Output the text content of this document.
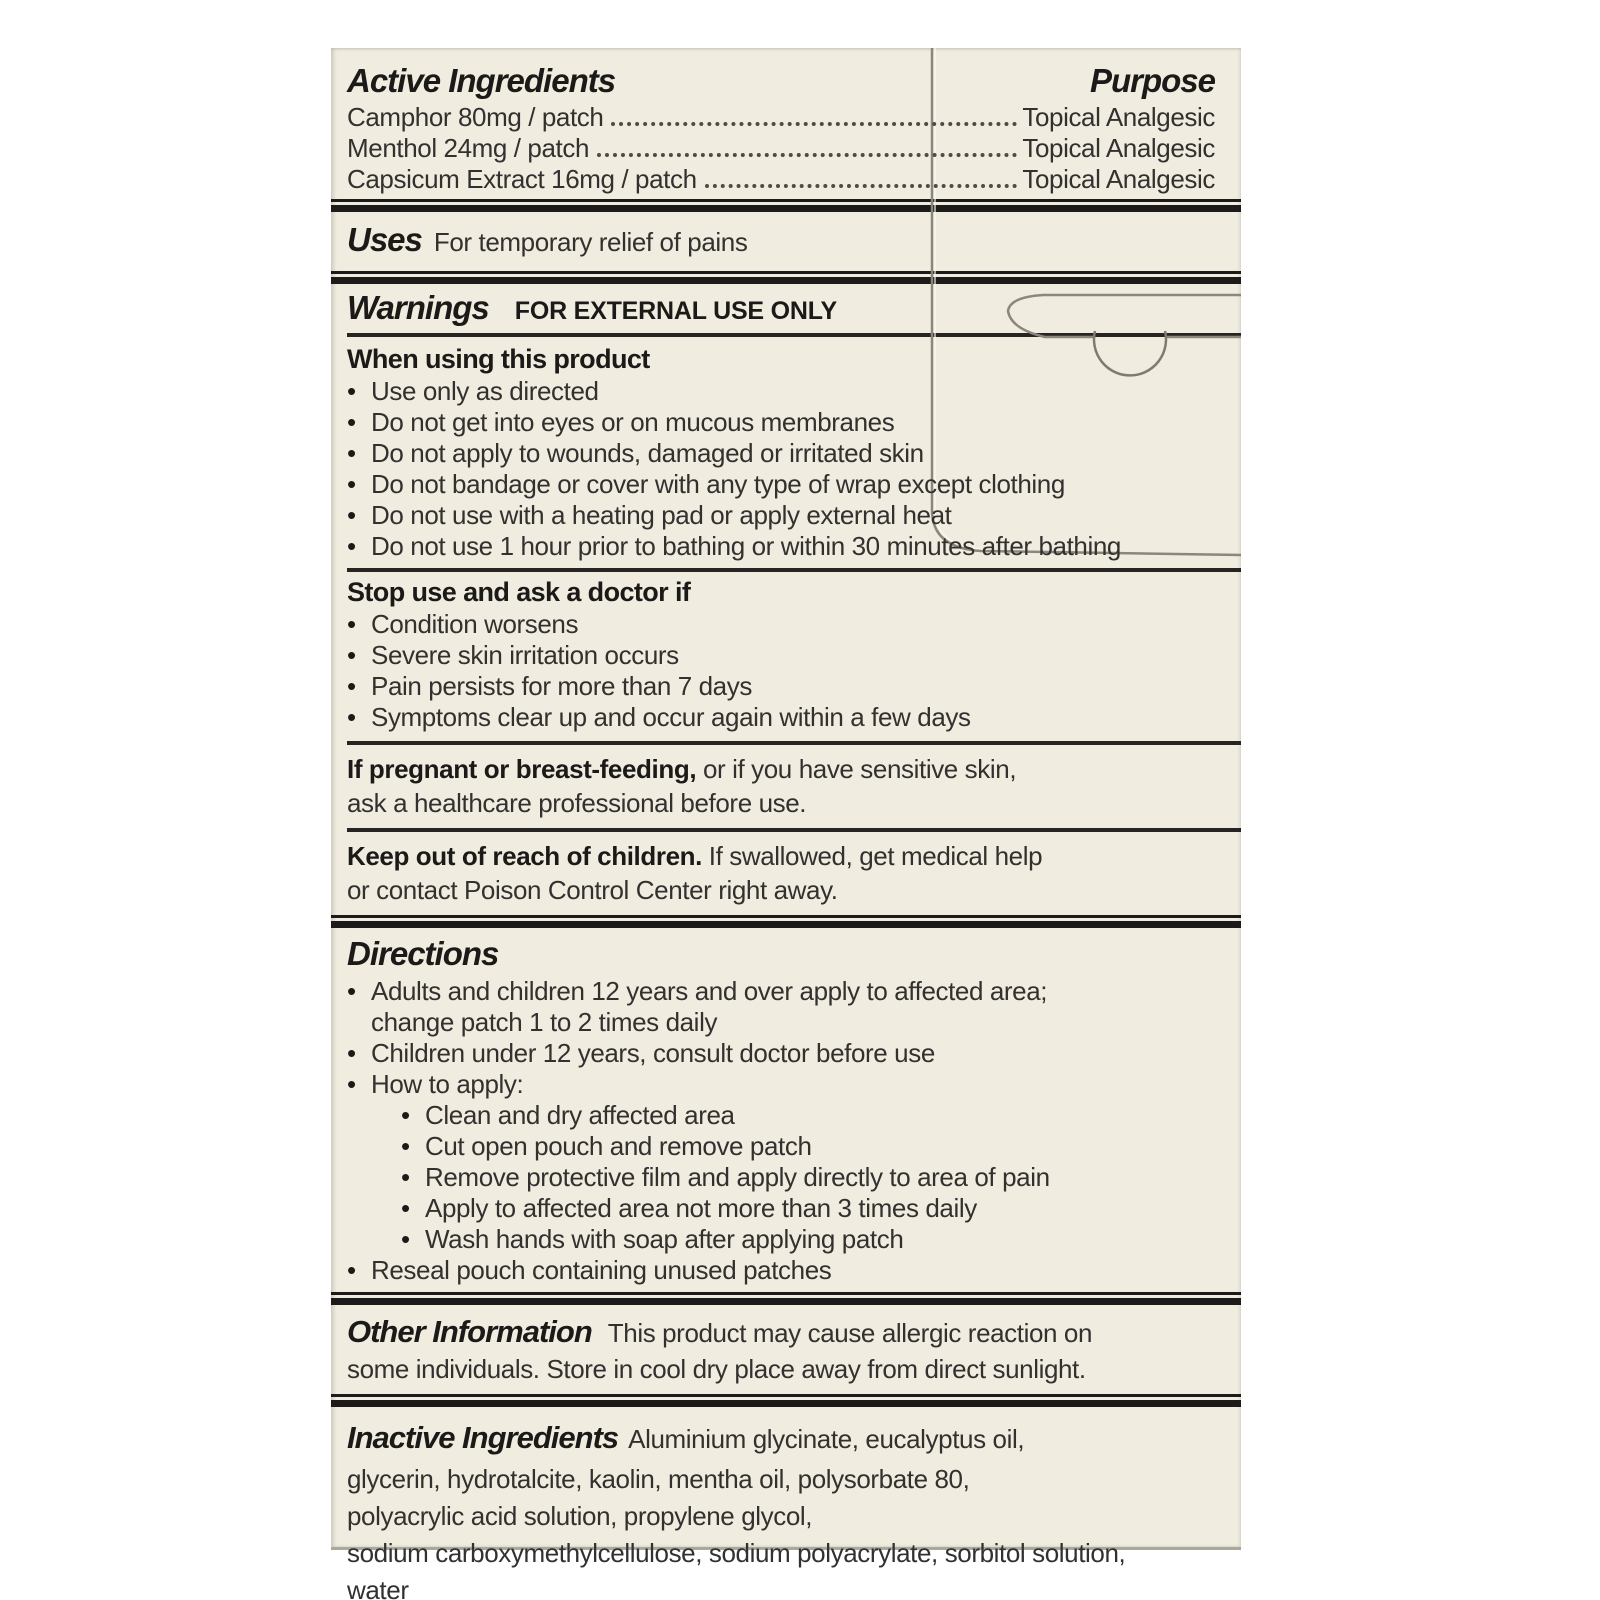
Active Ingredients	Purpose
Camphor 80mg / patch	Topical Analgesic
Menthol 24mg / patch	Topical Analgesic
Capsicum Extract 16mg / patch	Topical Analgesic
Uses For temporary relief of pains
Warnings FOR EXTERNAL USE ONLY
When using this product
•
Use only as directed
•
Do not get into eyes or on mucous membranes
•
Do not apply to wounds, damaged or irritated skin
•
Do not bandage or cover with any type of wrap except clothing
•
Do not use with a heating pad or apply external heat
•
Do not use 1 hour prior to bathing or within 30 minutes after bathing
Stop use and ask a doctor if
•
Condition worsens
•
Severe skin irritation occurs
•
Pain persists for more than 7 days
•
Symptoms clear up and occur again within a few days
If pregnant or breast-feeding, or if you have sensitive skin,
ask a healthcare professional before use.
Keep out of reach of children. If swallowed, get medical help
or contact Poison Control Center right away.
Directions
•
Adults and children 12 years and over apply to affected area;
change patch 1 to 2 times daily
•
Children under 12 years, consult doctor before use
•
How to apply:
•
Clean and dry affected area
•
Cut open pouch and remove patch
•
Remove protective film and apply directly to area of pain
•
Apply to affected area not more than 3 times daily
•
Wash hands with soap after applying patch
•
Reseal pouch containing unused patches
Other Information This product may cause allergic reaction on
some individuals. Store in cool dry place away from direct sunlight.
Inactive Ingredients Aluminium glycinate, eucalyptus oil,
glycerin, hydrotalcite, kaolin, mentha oil, polysorbate 80,
polyacrylic acid solution, propylene glycol,
sodium carboxymethylcellulose, sodium polyacrylate, sorbitol solution,
water
